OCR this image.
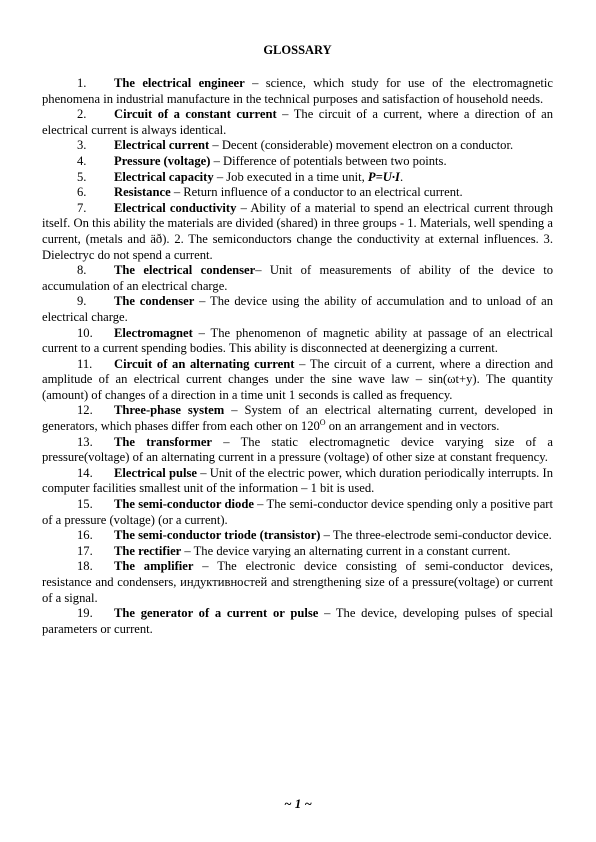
GLOSSARY

1. The electrical engineer – science, which study for use of the electromagnetic phenomena in industrial manufacture in the technical purposes and satisfaction of household needs.

2. Circuit of a constant current – The circuit of a current, where a direction of an electrical current is always identical.

3. Electrical current – Decent (considerable) movement electron on a conductor.

4. Pressure (voltage) – Difference of potentials between two points.

5. Electrical capacity – Job executed in a time unit, P=U·I.

6. Resistance – Return influence of a conductor to an electrical current.

7. Electrical conductivity – Ability of a material to spend an electrical current through itself. On this ability the materials are divided (shared) in three groups - 1. Materials, well spending a current, (metals and äð). 2. The semiconductors change the conductivity at external influences. 3. Dielectryc do not spend a current.

8. The electrical condenser– Unit of measurements of ability of the device to accumulation of an electrical charge.

9. The condenser – The device using the ability of accumulation and to unload of an electrical charge.

10. Electromagnet – The phenomenon of magnetic ability at passage of an electrical current to a current spending bodies. This ability is disconnected at deenergizing a current.

11. Circuit of an alternating current – The circuit of a current, where a direction and amplitude of an electrical current changes under the sine wave law – sin(ωt+y). The quantity (amount) of changes of a direction in a time unit 1 seconds is called as frequency.

12. Three-phase system – System of an electrical alternating current, developed in generators, which phases differ from each other on $120^O$ on an arrangement and in vectors.

13. The transformer – The static electromagnetic device varying size of a pressure(voltage) of an alternating current in a pressure (voltage) of other size at constant frequency.

14. Electrical pulse – Unit of the electric power, which duration periodically interrupts. In computer facilities smallest unit of the information – 1 bit is used.

15. The semi-conductor diode – The semi-conductor device spending only a positive part of a pressure (voltage) (or a current).

16. The semi-conductor triode (transistor) – The three-electrode semi-conductor device.

17. The rectifier – The device varying an alternating current in a constant current.

18. The amplifier – The electronic device consisting of semi-conductor devices, resistance and condensers, индуктивностей and strengthening size of a pressure(voltage) or current of a signal.

19. The generator of a current or pulse – The device, developing pulses of special parameters or current.

~ 1 ~
